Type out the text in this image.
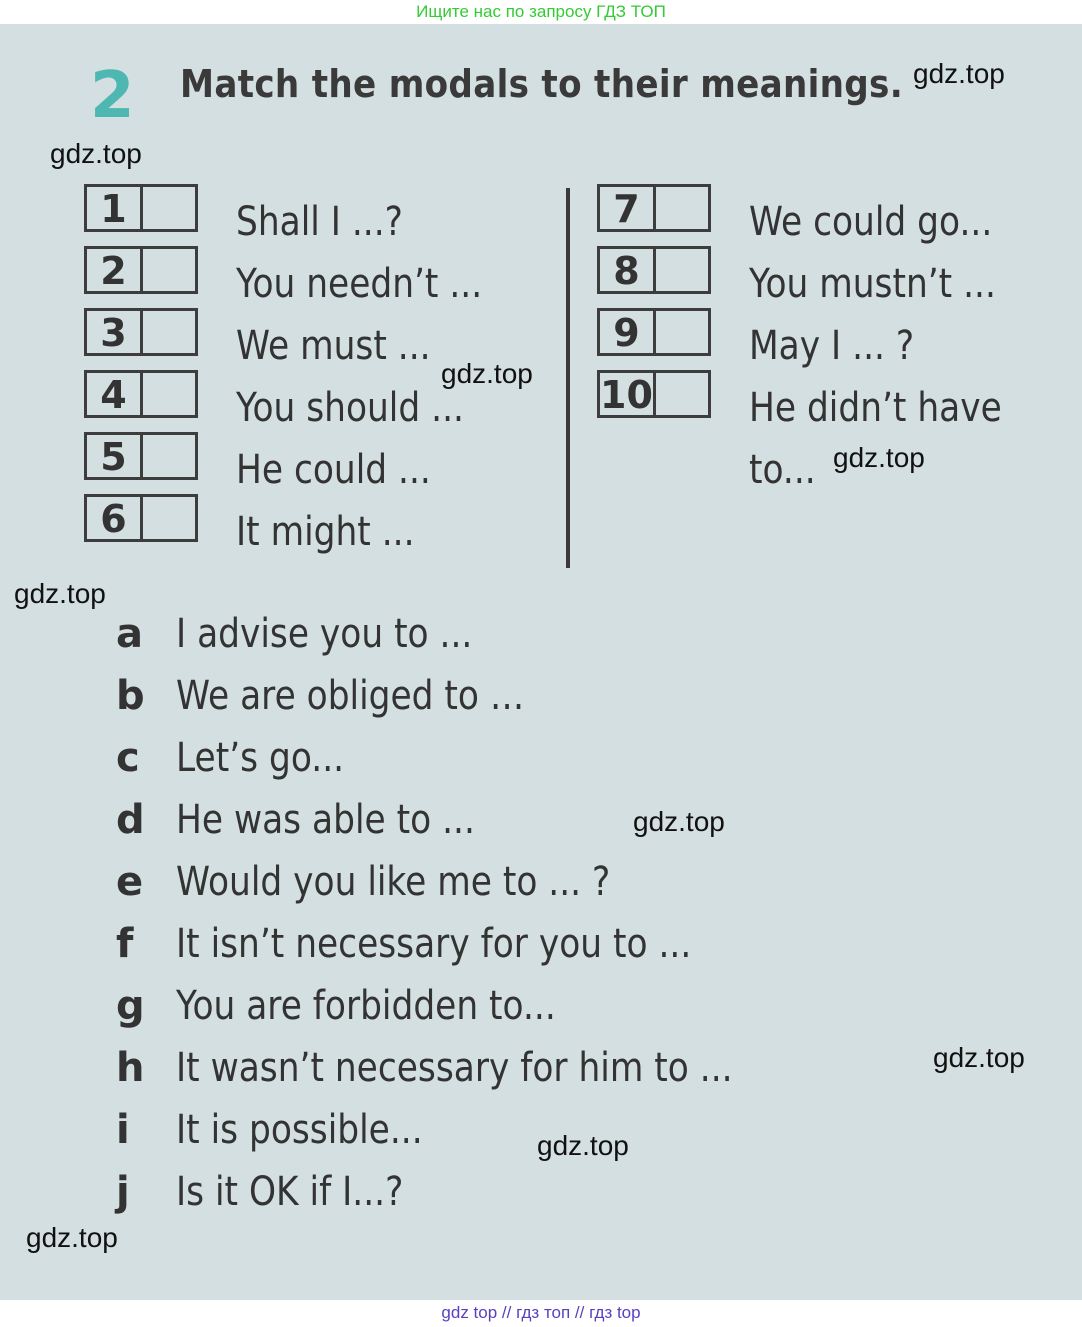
Ищите нас по запросу ГДЗ ТОП
2 Match the modals to their meanings.
1	Shall I ...?
2	You needn’t ...
3	We must ...
4	You should ...
5	He could ...
6	It might ...
7	We could go...
8	You mustn’t ...
9	May I ... ?
10 He didn’t have
to...
a I advise you to ...
b We are obliged to …
c Let’s go...
d He was able to ...
e Would you like me to ... ?
f It isn’t necessary for you to ...
g You are forbidden to...
h It wasn’t necessary for him to ...
i It is possible...
j Is it OK if I...?
gdz.top
gdz.top
gdz.top
gdz.top
gdz.top
gdz.top
gdz.top
gdz.top
gdz.top
gdz top // гдз топ // гдз top
